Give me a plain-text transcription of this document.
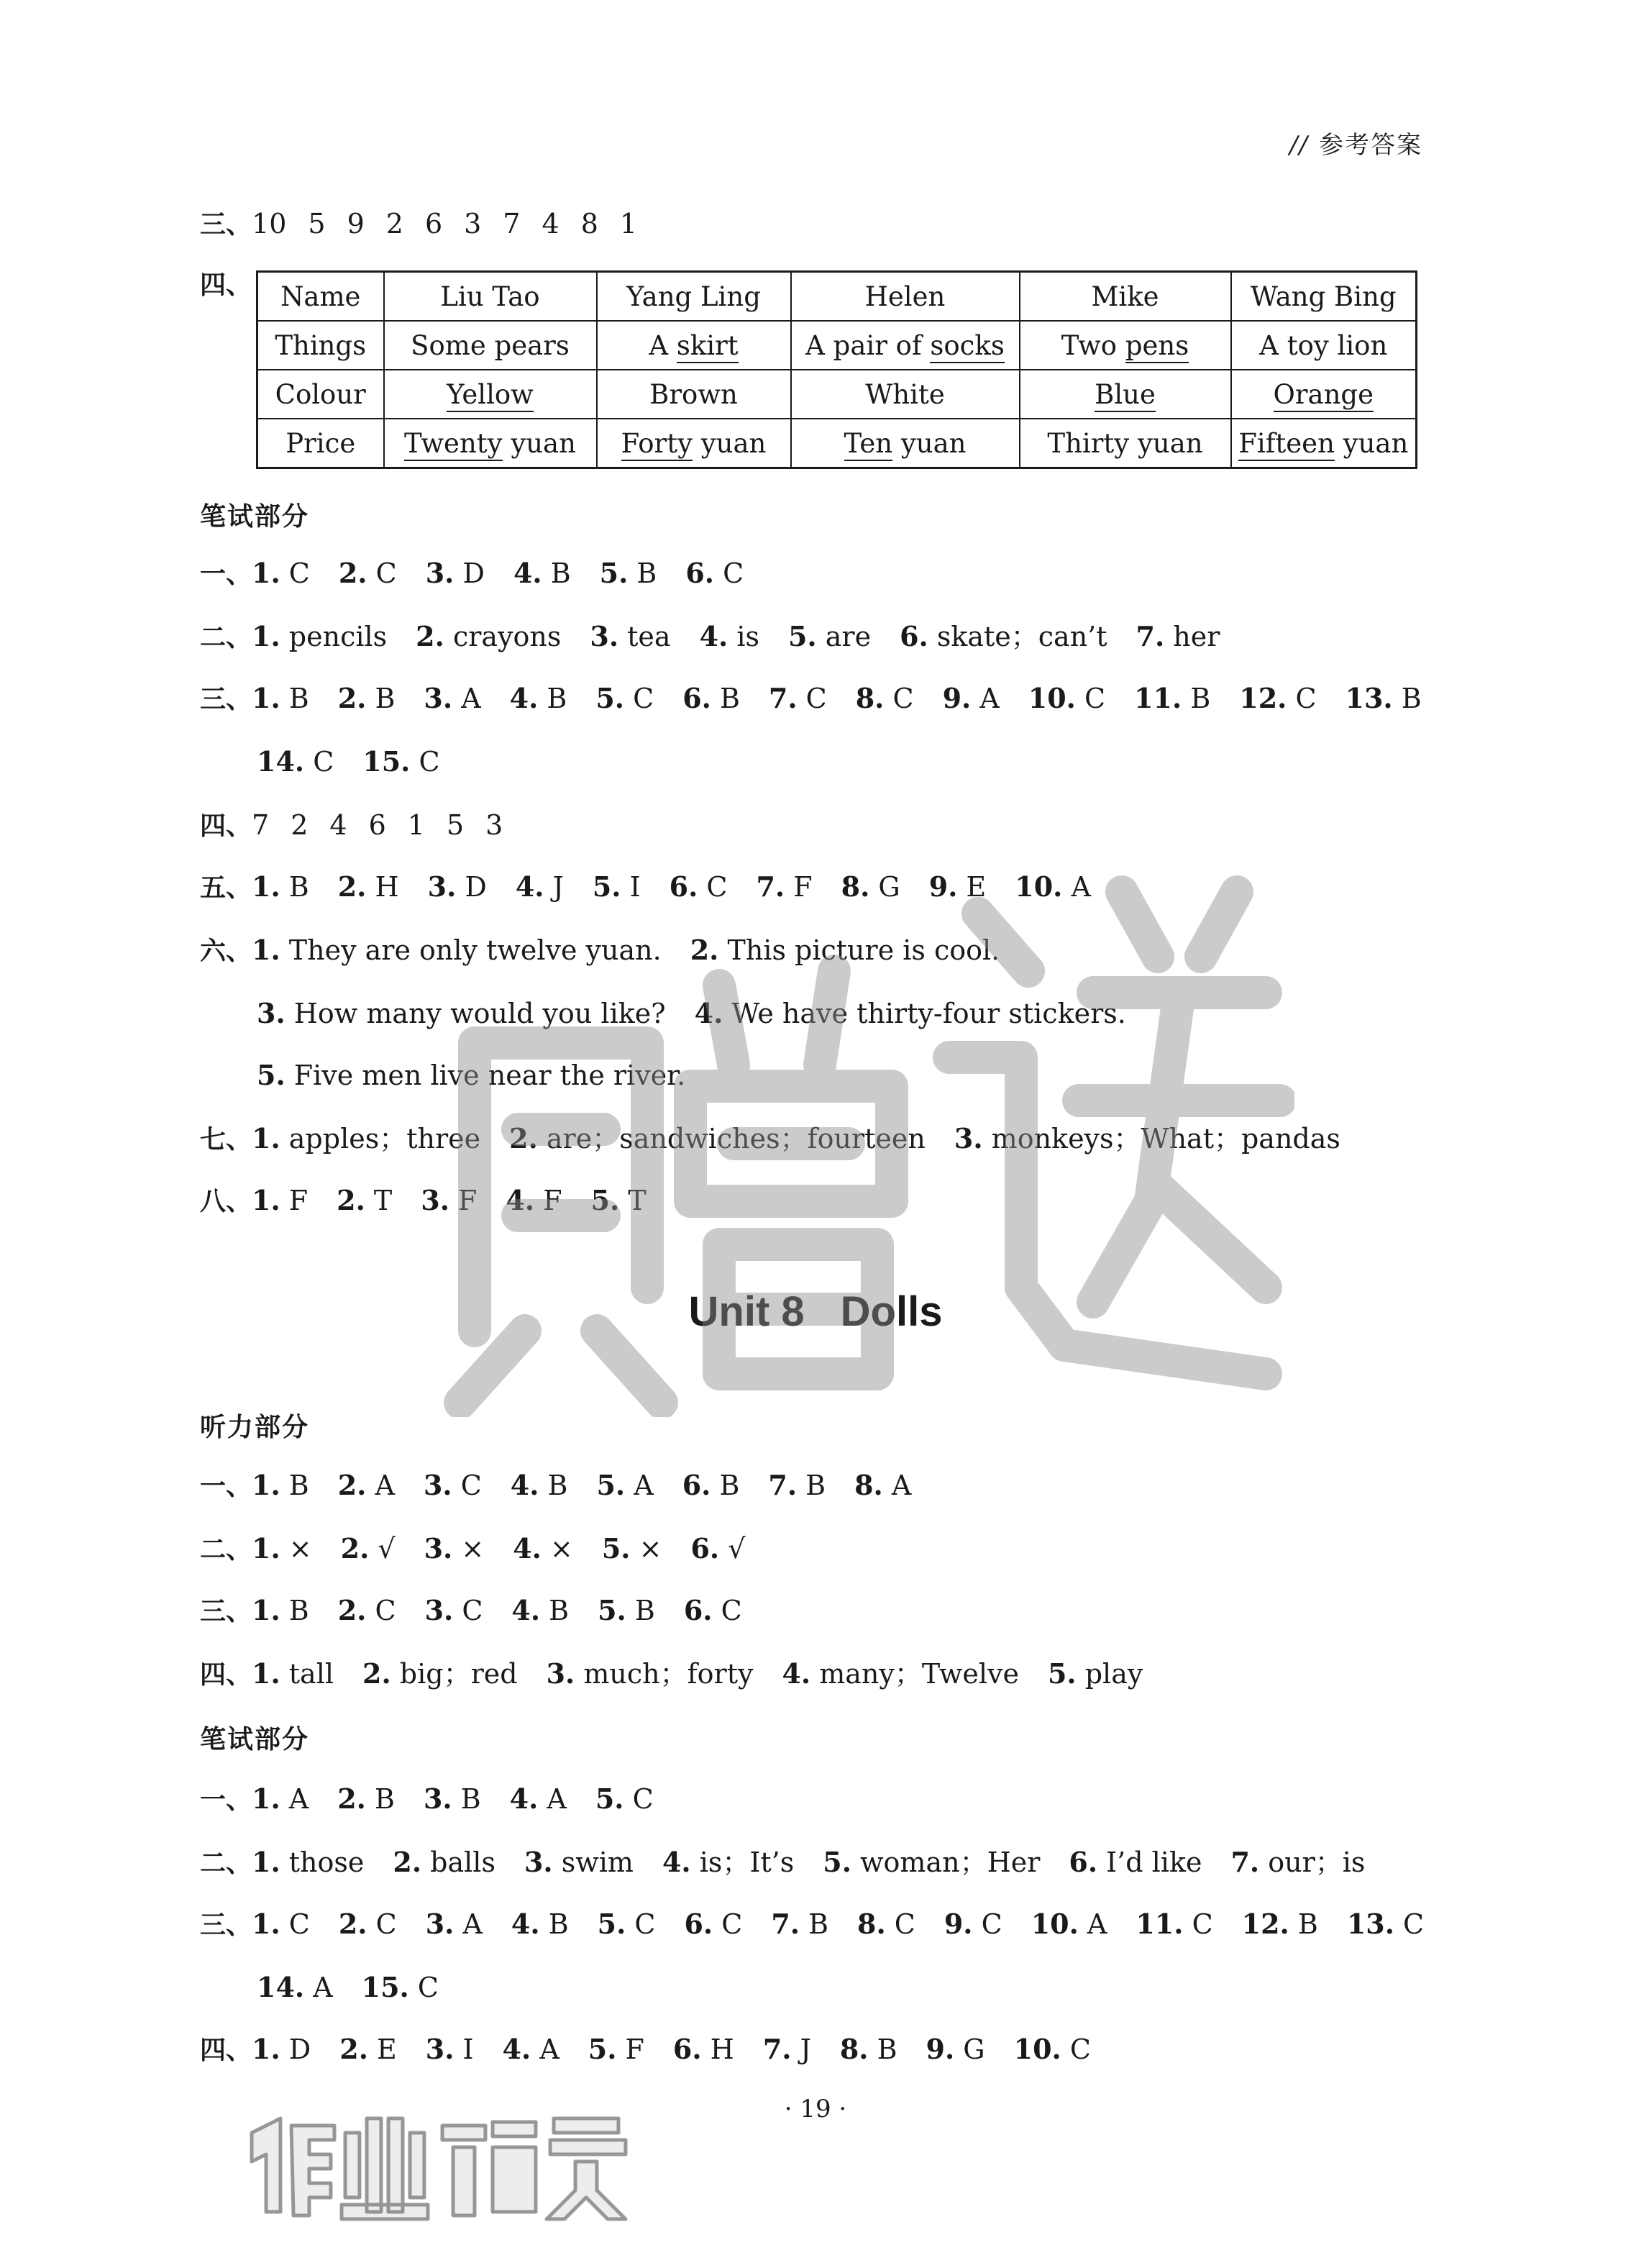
// 参考答案
三、10 5 9 2 6 3 7 4 8 1
四、 Name	Liu Tao	Yang Ling	Helen	Mike	Wang Bing
Things	Some pears	A skirt	A pair of socks	Two pens	A toy lion
Colour	Yellow	Brown	White	Blue	Orange
Price	Twenty yuan	Forty yuan	Ten yuan	Thirty yuan	Fifteen yuan
笔试部分
一、1. C 2. C 3. D 4. B 5. B 6. C
二、1. pencils 2. crayons 3. tea 4. is 5. are 6. skate；can’t 7. her
三、1. B 2. B 3. A 4. B 5. C 6. B 7. C 8. C 9. A 10. C 11. B 12. C 13. B
14. C 15. C
四、7 2 4 6 1 5 3
五、1. B 2. H 3. D 4. J 5. I 6. C 7. F 8. G 9. E 10. A
六、1. They are only twelve yuan. 2. This picture is cool.
3. How many would you like? 4. We have thirty-four stickers.
5. Five men live near the river.
七、1. apples；three 2. are；sandwiches；fourteen 3. monkeys；What；pandas
八、1. F 2. T 3. F 4. F 5. T
Unit 8 Dolls
听力部分
一、1. B 2. A 3. C 4. B 5. A 6. B 7. B 8. A
二、1. × 2. √ 3. × 4. × 5. × 6. √
三、1. B 2. C 3. C 4. B 5. B 6. C
四、1. tall 2. big；red 3. much；forty 4. many；Twelve 5. play
笔试部分
一、1. A 2. B 3. B 4. A 5. C
二、1. those 2. balls 3. swim 4. is；It’s 5. woman；Her 6. I’d like 7. our；is
三、1. C 2. C 3. A 4. B 5. C 6. C 7. B 8. C 9. C 10. A 11. C 12. B 13. C
14. A 15. C
四、1. D 2. E 3. I 4. A 5. F 6. H 7. J 8. B 9. G 10. C
· 19 ·
